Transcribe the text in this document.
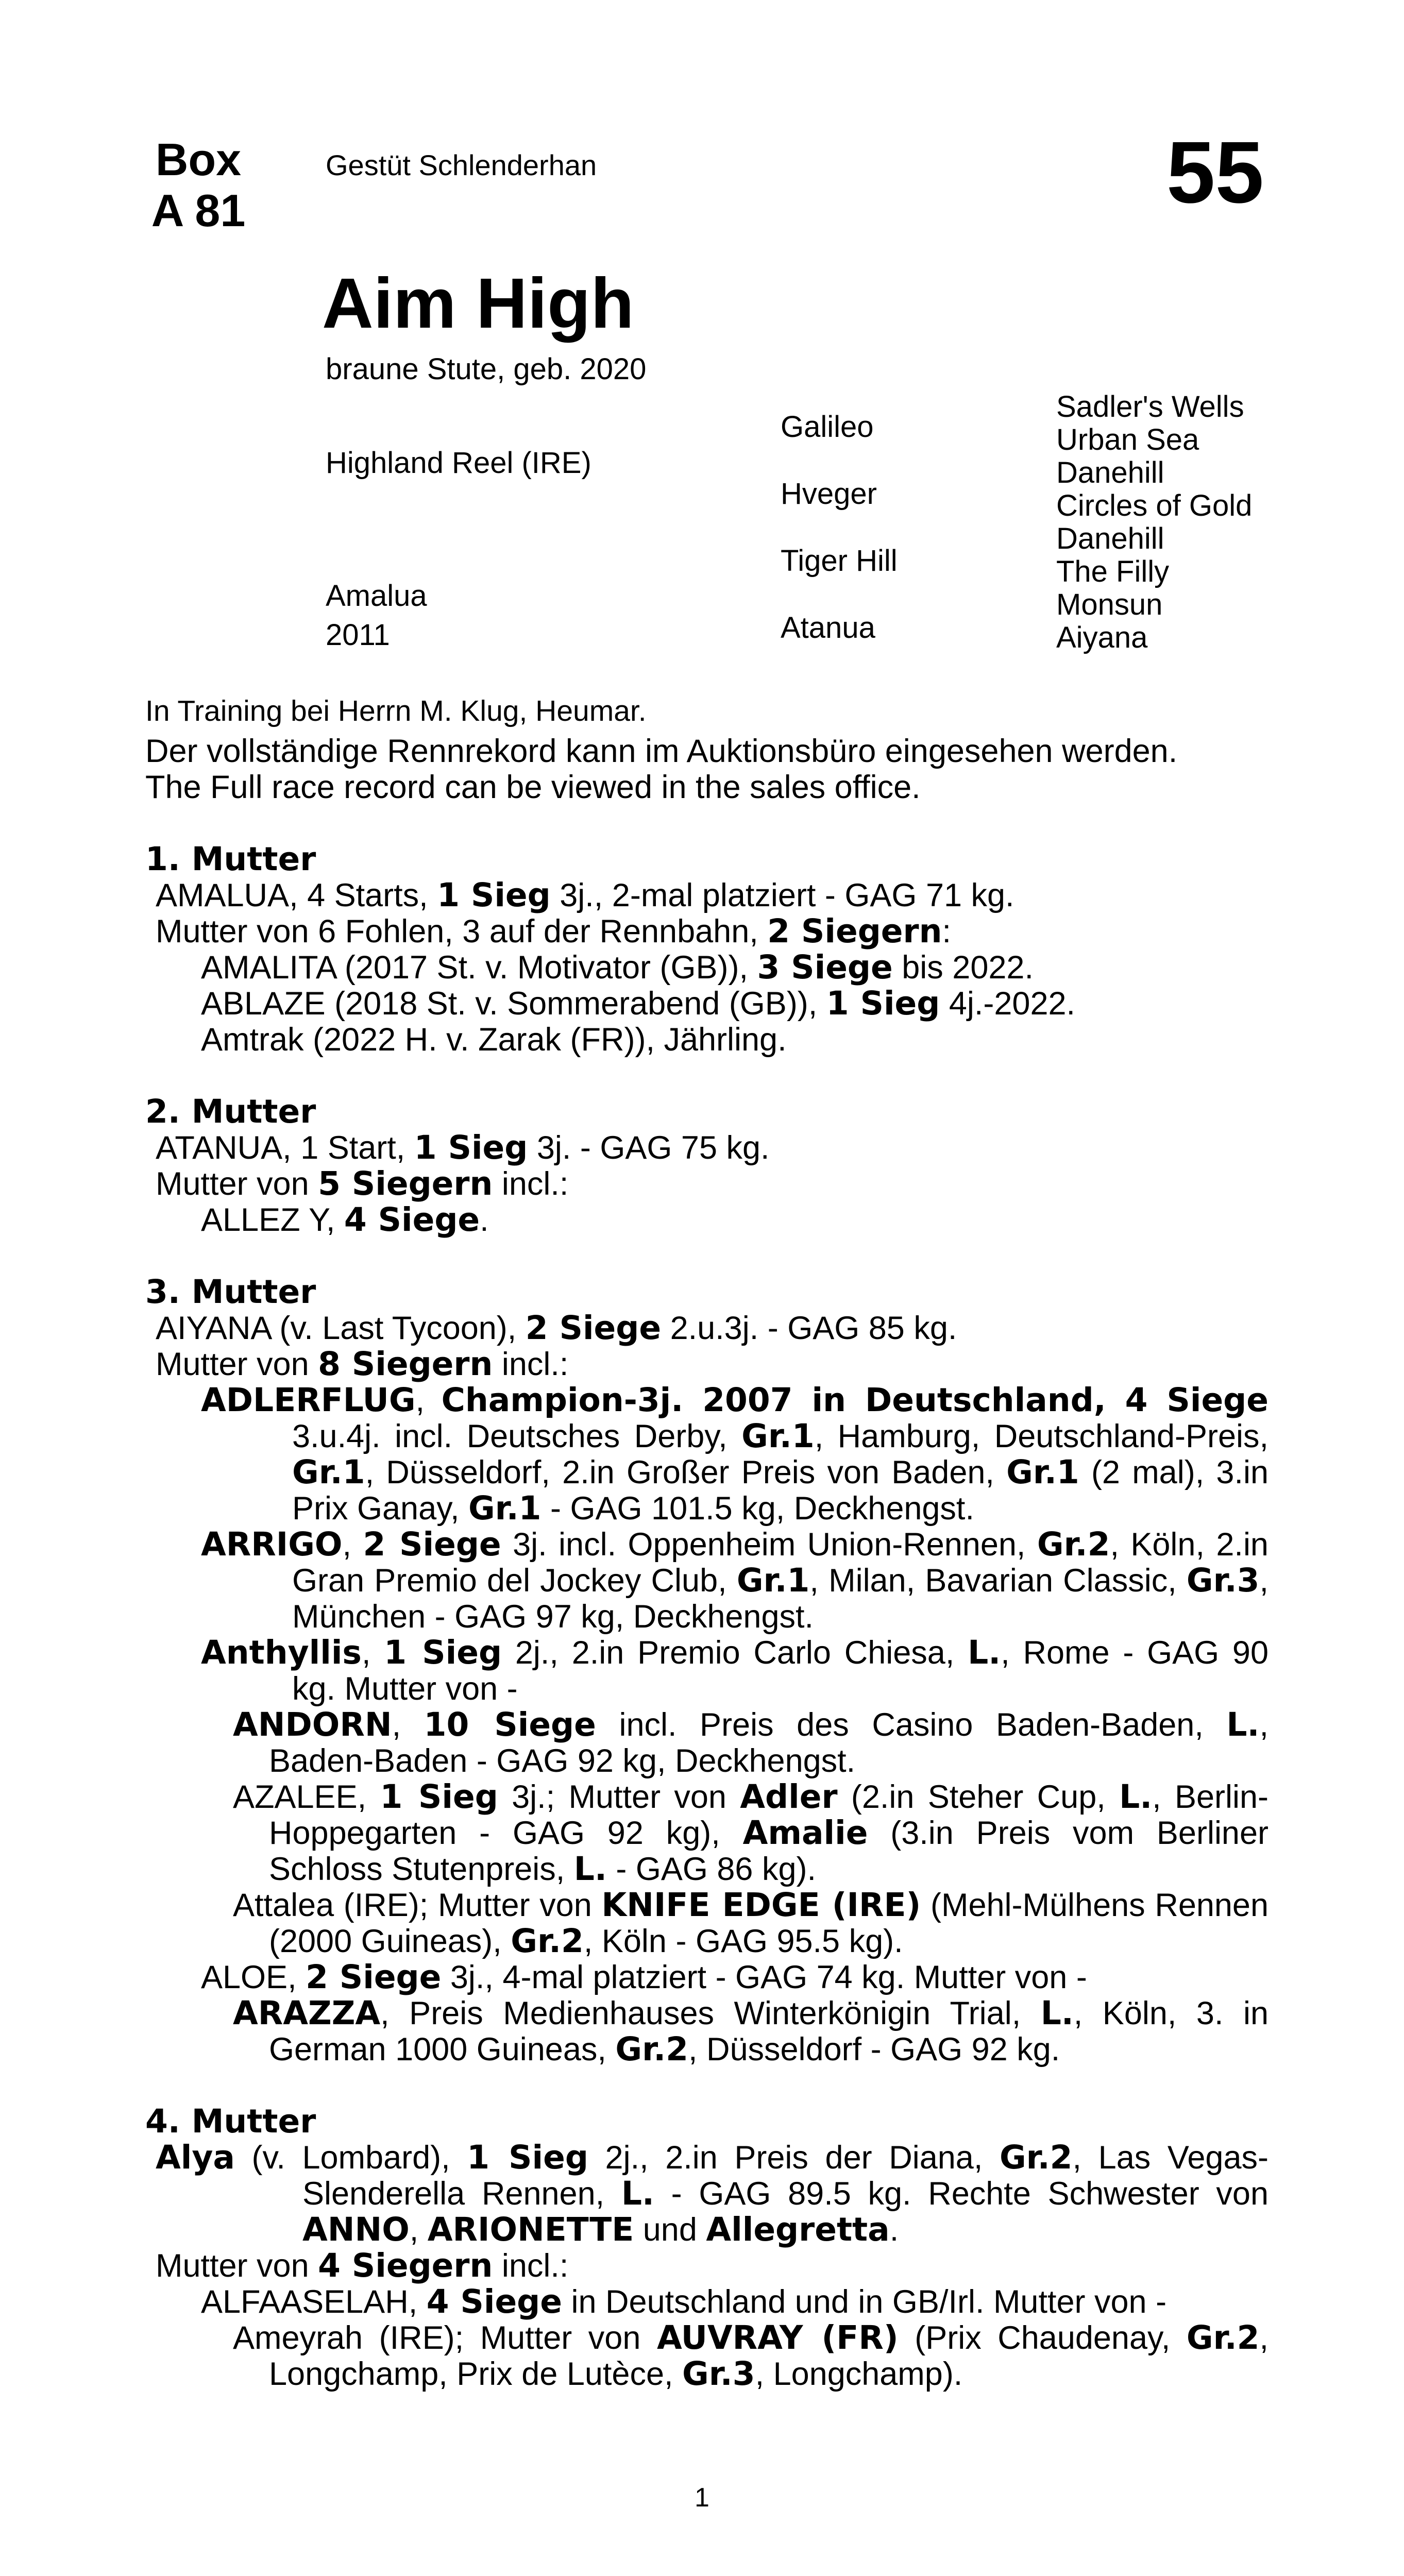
Box
A 81
Gestüt Schlenderhan	55
Aim High
braune Stute, geb. 2020
Highland Reel (IRE)
Amalua
2011
Galileo
Hveger
Tiger Hill
Atanua
Sadler's Wells
Urban Sea
Danehill
Circles of Gold
Danehill
The Filly
Monsun
Aiyana

In Training bei Herrn M. Klug, Heumar.

Der vollständige Rennrekord kann im Auktionsbüro eingesehen werden.

The Full race record can be viewed in the sales office.

1. Mutter

AMALUA, 4 Starts, 1 Sieg 3j., 2-mal platziert - GAG 71 kg.

Mutter von 6 Fohlen, 3 auf der Rennbahn, 2 Siegern:

AMALITA (2017 St. v. Motivator (GB)), 3 Siege bis 2022.

ABLAZE (2018 St. v. Sommerabend (GB)), 1 Sieg 4j.-2022.

Amtrak (2022 H. v. Zarak (FR)), Jährling.

2. Mutter

ATANUA, 1 Start, 1 Sieg 3j. - GAG 75 kg.

Mutter von 5 Siegern incl.:

ALLEZ Y, 4 Siege.

3. Mutter

AIYANA (v. Last Tycoon), 2 Siege 2.u.3j. - GAG 85 kg.

Mutter von 8 Siegern incl.:

ADLERFLUG, Champion-3j. 2007 in Deutschland, 4 Siege 3.u.4j. incl. Deutsches Derby, Gr.1, Hamburg, Deutschland-Preis, Gr.1, Düsseldorf, 2.in Großer Preis von Baden, Gr.1 (2 mal), 3.in Prix Ganay, Gr.1 - GAG 101.5 kg, Deckhengst.

ARRIGO, 2 Siege 3j. incl. Oppenheim Union-Rennen, Gr.2, Köln, 2.in Gran Premio del Jockey Club, Gr.1, Milan, Bavarian Classic, Gr.3, München - GAG 97 kg, Deckhengst.

Anthyllis, 1 Sieg 2j., 2.in Premio Carlo Chiesa, L., Rome - GAG 90 kg. Mutter von -

ANDORN, 10 Siege incl. Preis des Casino Baden-Baden, L., Baden-Baden - GAG 92 kg, Deckhengst.

AZALEE, 1 Sieg 3j.; Mutter von Adler (2.in Steher Cup, L., Berlin-Hoppegarten - GAG 92 kg), Amalie (3.in Preis vom Berliner Schloss Stutenpreis, L. - GAG 86 kg).

Attalea (IRE); Mutter von KNIFE EDGE (IRE) (Mehl-Mülhens Rennen (2000 Guineas), Gr.2, Köln - GAG 95.5 kg).

ALOE, 2 Siege 3j., 4-mal platziert - GAG 74 kg. Mutter von -

ARAZZA, Preis Medienhauses Winterkönigin Trial, L., Köln, 3. in German 1000 Guineas, Gr.2, Düsseldorf - GAG 92 kg.

4. Mutter

Alya (v. Lombard), 1 Sieg 2j., 2.in Preis der Diana, Gr.2, Las Vegas-Slenderella Rennen, L. - GAG 89.5 kg. Rechte Schwester von ANNO, ARIONETTE und Allegretta.

Mutter von 4 Siegern incl.:

ALFAASELAH, 4 Siege in Deutschland und in GB/Irl. Mutter von -

Ameyrah (IRE); Mutter von AUVRAY (FR) (Prix Chaudenay, Gr.2, Longchamp, Prix de Lutèce, Gr.3, Longchamp).

1
